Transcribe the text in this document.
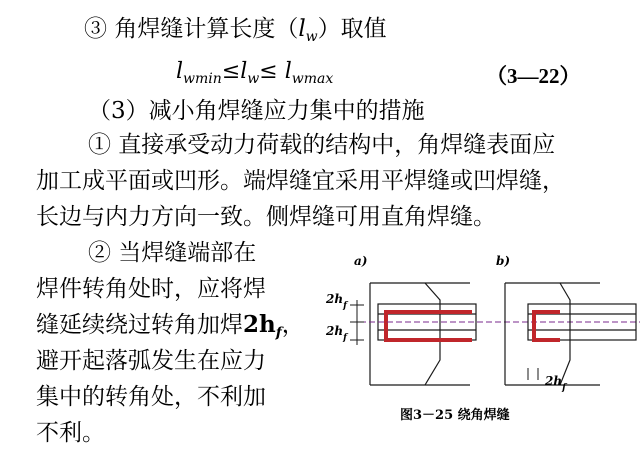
③ 角焊缝计算长度$(l_w)$取值
$l_{wmin}\le l_w\le l_{wmax}$	（3—22）
（3）减小角焊缝应力集中的措施
① 直接承受动力荷载的结构中，角焊缝表面应
加工成平面或凹形。端焊缝宜采用平焊缝或凹焊缝，
长边与内力方向一致。侧焊缝可用直角焊缝。
② 当焊缝端部在
焊件转角处时，应将焊
缝延续绕过转角加焊$2h_f$，
避开起落弧发生在应力
集中的转角处，不利加
不利。
a)	b)
$2h_f$
$2h_f$
$2h_f$
图3－25 绕角焊缝
